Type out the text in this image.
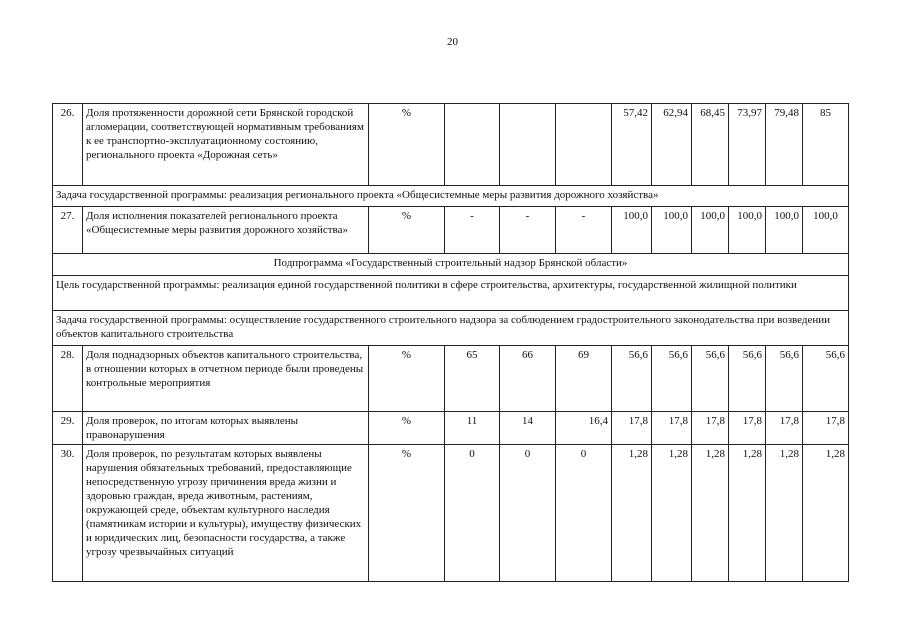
20
26.	Доля протяженности дорожной сети Брянской городской агломерации, соответствующей нормативным требованиям к ее транспортно-эксплуатационному состоянию, регионального проекта «Дорожная сеть»	%				57,42	62,94	68,45	73,97	79,48	85
Задача государственной программы: реализация регионального проекта «Общесистемные меры развития дорожного хозяйства»											
27.	Доля исполнения показателей регионального проекта «Общесистемные меры развития дорожного хозяйства»	%	-	-	-	100,0	100,0	100,0	100,0	100,0	100,0
Подпрограмма «Государственный строительный надзор Брянской области»											
Цель государственной программы: реализация единой государственной политики в сфере строительства, архитектуры, государственной жилищной политики											
Задача государственной программы: осуществление государственного строительного надзора за соблюдением градостроительного законодательства при возведении объектов капитального строительства											
28.	Доля поднадзорных объектов капитального строительства, в отношении которых в отчетном периоде были проведены контрольные мероприятия	%	65	66	69	56,6	56,6	56,6	56,6	56,6	56,6
29.	Доля проверок, по итогам которых выявлены правонарушения	%	11	14	16,4	17,8	17,8	17,8	17,8	17,8	17,8
30.	Доля проверок, по результатам которых выявлены нарушения обязательных требований, предоставляющие непосредственную угрозу причинения вреда жизни и здоровью граждан, вреда животным, растениям, окружающей среде, объектам культурного наследия (памятникам истории и культуры), имуществу физических и юридических лиц, безопасности государства, а также угрозу чрезвычайных ситуаций	%	0	0	0	1,28	1,28	1,28	1,28	1,28	1,28
